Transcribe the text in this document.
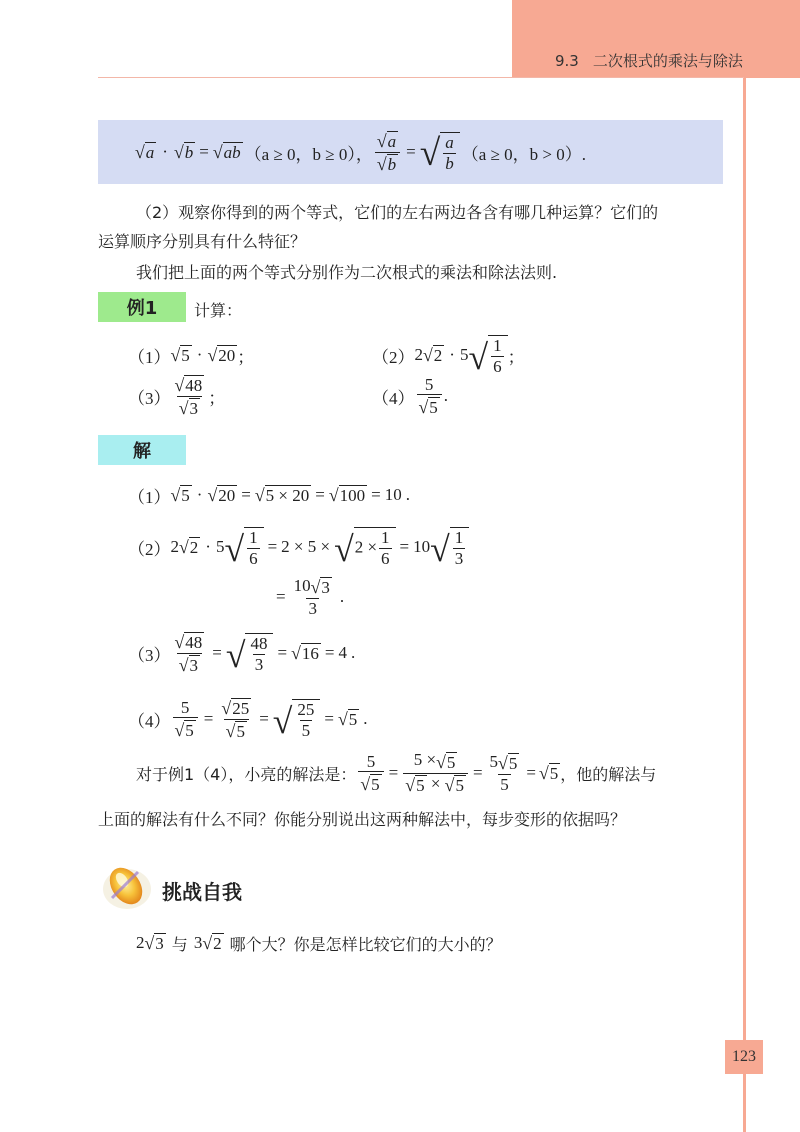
9.3 二次根式的乘法与除法
√ a · √ b = √ ab （a ≥ 0，b ≥ 0）， $\frac{√ a}{√ b}$ = √ $\frac{a}{b} (a \ge 0$，b > 0）.
（2）观察你得到的两个等式，它们的左右两边各含有哪几种运算？它们的
运算顺序分别具有什么特征？
我们把上面的两个等式分别作为二次根式的乘法和除法法则.
例1	计算：
（1） √ 5 · √ 20 ；	（2） 2 √ 2 · 5 √ $\frac{1}{6}$ ；
$(3) \frac{√ 48}{√ 3}$ ；	$(4) \frac{5}{√ 5}$ .
解
（1） √ 5 · √ 20 = √ 5 × 20 = √ 100 = 10 .
（2） 2 √ 2 · 5 √ $\frac{1}{6} = 2 \times 5$ × √ $2 \times \frac{1}{6} = 10$ √ $\frac{1}{3}$
= $\frac{10 √ 3}{3}$ .
$(3) \frac{√ 48}{√ 3}$ = √ $\frac{48}{3}$ = √ 16 = 4 .
$(4) \frac{5}{√ 5} = \frac{√ 25}{√ 5}$ = √ $\frac{25}{5}$ = √ 5 .
对于例1（4），小亮的解法是： $\frac{5}{√ 5} = \frac{5 \times √ 5}{√ 5 \times √ 5} = \frac{5 √ 5}{5}$ = √ 5 ，他的解法与
上面的解法有什么不同？你能分别说出这两种解法中，每步变形的依据吗？
挑战自我
2 √ 3 与 3 √ 2 哪个大？你是怎样比较它们的大小的？
123
